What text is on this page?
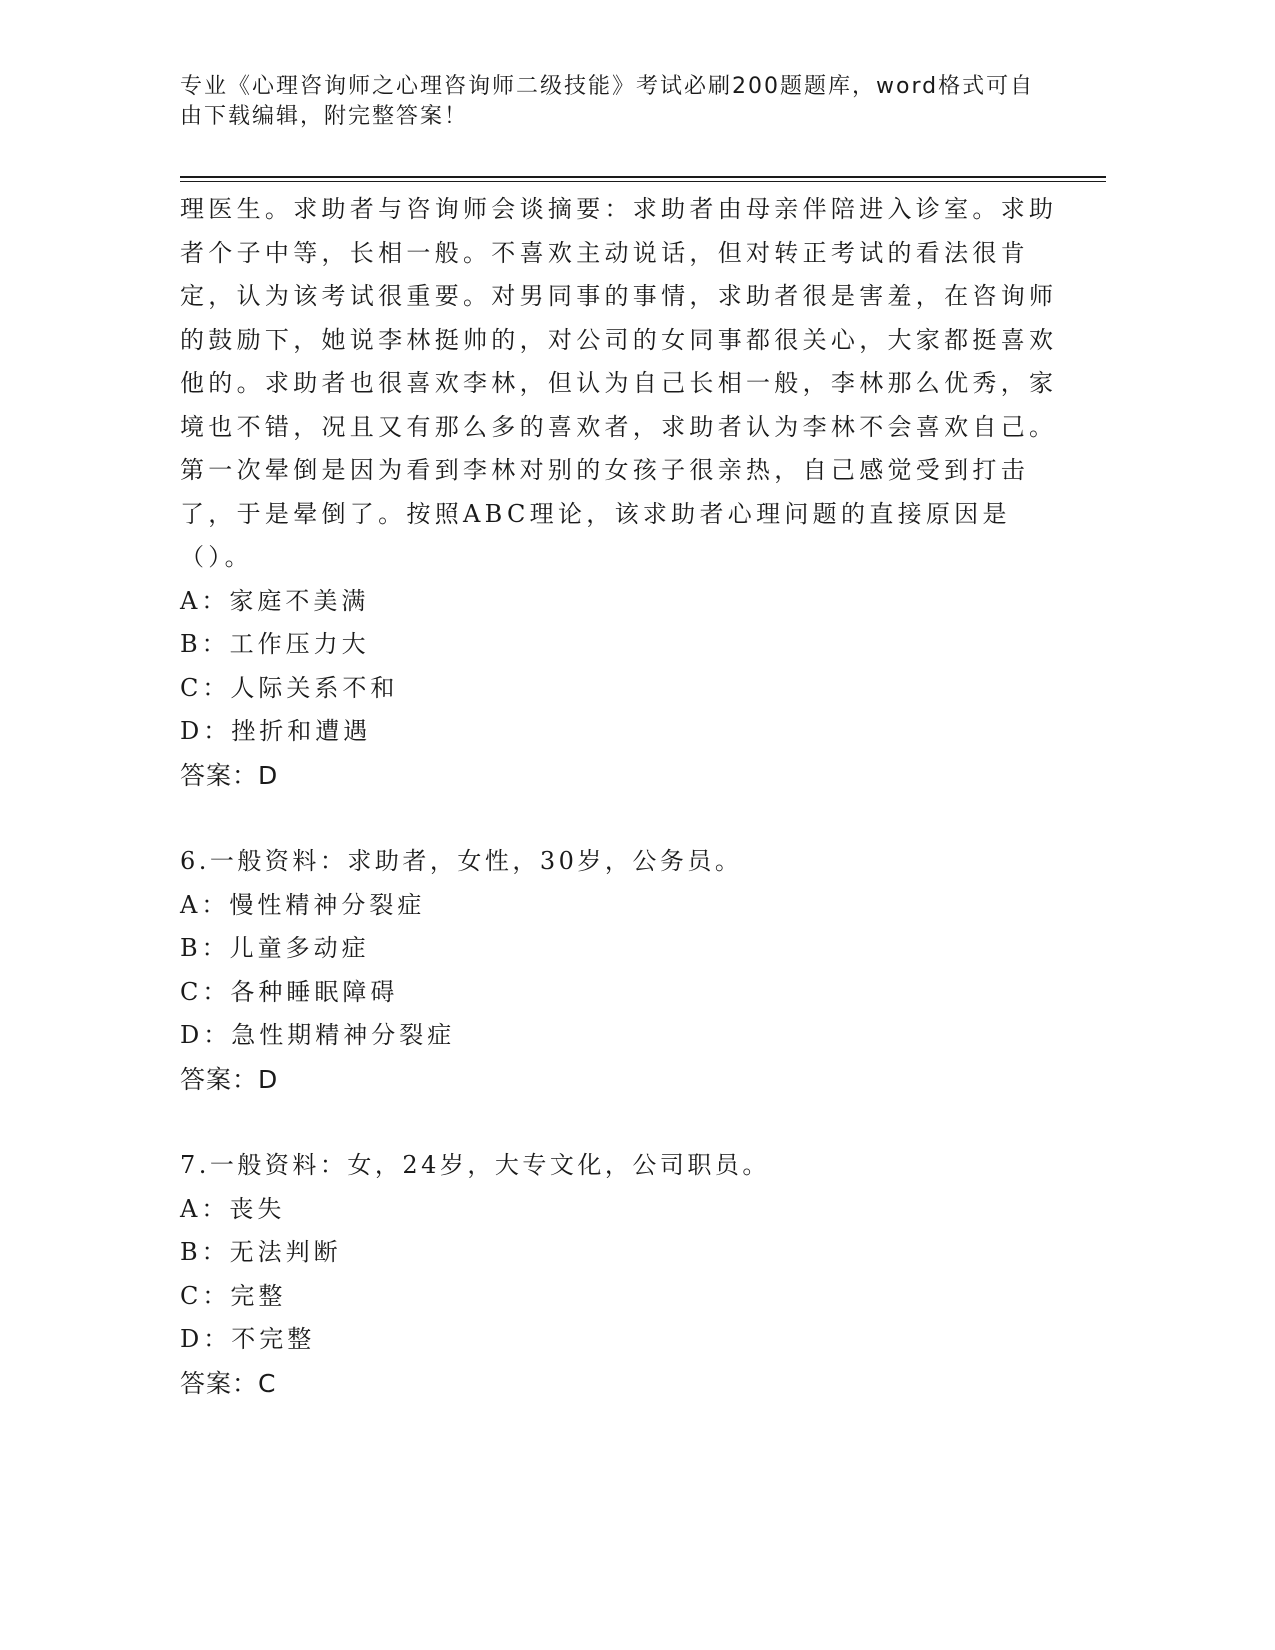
专业《心理咨询师之心理咨询师二级技能》考试必刷200题题库，word格式可自由下载编辑，附完整答案！

理医生。求助者与咨询师会谈摘要：求助者由母亲伴陪进入诊室。求助者个子中等，长相一般。不喜欢主动说话，但对转正考试的看法很肯定，认为该考试很重要。对男同事的事情，求助者很是害羞，在咨询师的鼓励下，她说李林挺帅的，对公司的女同事都很关心，大家都挺喜欢他的。求助者也很喜欢李林，但认为自己长相一般，李林那么优秀，家境也不错，况且又有那么多的喜欢者，求助者认为李林不会喜欢自己。第一次晕倒是因为看到李林对别的女孩子很亲热，自己感觉受到打击了，于是晕倒了。按照ABC理论，该求助者心理问题的直接原因是（）。

A：家庭不美满

B：工作压力大

C：人际关系不和

D：挫折和遭遇

答案：D

6.一般资料：求助者，女性，30岁，公务员。

A：慢性精神分裂症

B：儿童多动症

C：各种睡眠障碍

D：急性期精神分裂症

答案：D

7.一般资料：女，24岁，大专文化，公司职员。

A：丧失

B：无法判断

C：完整

D：不完整

答案：C
